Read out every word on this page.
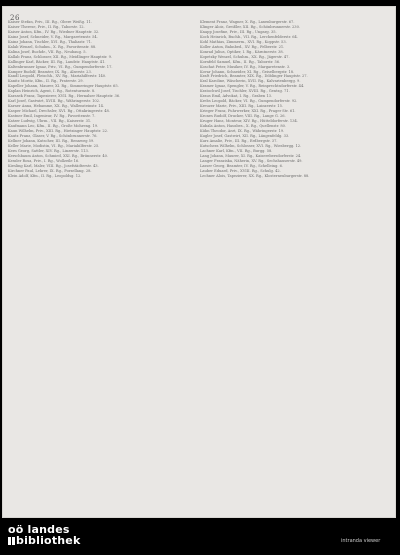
26

Kaiser Stefan, Priv., III. Rg., Obere Weißg. 11.

Kaiser Therese, Priv., II. Rg., Taborstr. 12.

Kaiser Anton, Kfm., IV. Rg., Wiedner Hauptstr. 32.

Kainz Josef, Schneider, V. Rg., Margaretenstr. 54.

Kainz Johann, Tischler, XVI. Rg., Thaliastr. 71.

Kalab Wenzel, Schuhm., X. Rg., Favoritenstr. 88.

Kalina Josef, Buchdr., VII. Rg., Neubaug. 5.

Kallab Franz, Schlosser, XII. Rg., Meidlinger Hauptstr. 9.

Kallinger Karl, Bäcker, III. Rg., Landstr. Hauptstr. 41.

Kaltenbrunner Ignaz, Priv., VI. Rg., Gumpendorferstr. 17.

Kamper Rudolf, Beamter, IX. Rg., Alserstr. 23.

Kandl Leopold, Fleischh., XV. Rg., Mariahilferstr. 140.

Kanitz Moritz, Kfm., II. Rg., Praterstr. 29.

Kapeller Johann, Maurer, XI. Rg., Simmeringer Hauptstr. 65.

Kaplan Heinrich, Agent, I. Rg., Rotenturmstr. 8.

Karasek Franz, Tapezierer, XVII. Rg., Hernalser Hauptstr. 36.

Karl Josef, Gastwirt, XVIII. Rg., Währingerstr. 102.

Karner Anna, Hebamme, XX. Rg., Wallensteinstr. 14.

Kasper Michael, Drechsler, XVI. Rg., Ottakringerstr. 48.

Kastner Emil, Ingenieur, IV. Rg., Favoritenstr. 7.

Katzer Ludwig, Uhrm., VII. Rg., Kaiserstr. 31.

Kaufmann Leo, Kfm., II. Rg., Große Mohreng. 19.

Kaun Wilhelm, Priv., XIII. Rg., Hietzinger Hauptstr. 22.

Kautz Franz, Glaser, V. Rg., Schönbrunnerstr. 76.

Kellner Johann, Kutscher, III. Rg., Rennweg 59.

Keller Marie, Modistin, VI. Rg., Mariahilferstr. 25.

Kern Georg, Sattler, XIV. Rg., Linzerstr. 113.

Kerschbaum Anton, Schmied, XXI. Rg., Brünnerstr. 40.

Kessler Rosa, Priv., I. Rg., Wollzeile 16.

Kiesling Karl, Maler, VIII. Rg., Josefstädterstr. 43.

Kirchner Paul, Lehrer, IX. Rg., Porzellang. 28.

Klein Adolf, Kfm., II. Rg., Leopoldsg. 12.

Klement Franz, Wagner, X. Rg., Laxenburgerstr. 67.

Klinger Alois, Greißler, XII. Rg., Schönbrunnerstr. 230.

Knapp Josefine, Priv., III. Rg., Ungarg. 35.

Koch Heinrich, Buchb., VII. Rg., Lerchenfelderstr. 64.

Kohl Mathias, Zimmerm., XVI. Rg., Koppstr. 53.

Koller Anton, Bahnbed., XV. Rg., Felberstr. 21.

Konrad Julius, Optiker, I. Rg., Kärntnerstr. 38.

Kopetzky Wenzel, Schuhm., XX. Rg., Jägerstr. 47.

Kornfeld Samuel, Kfm., II. Rg., Taborstr. 56.

Koschat Peter, Musiker, IV. Rg., Margaretenstr. 3.

Kovar Johann, Schneider, XI. Rg., Geiselbergstr. 18.

Kraft Friedrich, Beamter, XIX. Rg., Döblinger Hauptstr. 27.

Kral Karoline, Wäscherin, XVII. Rg., Kalvarienbergg. 9.

Kramer Ignaz, Spengler, V. Rg., Reinprechtsdorferstr. 44.

Kratochwil Josef, Tischler, XVIII. Rg., Gentzg. 71.

Kraus Emil, Advokat, I. Rg., Graben 13.

Krebs Leopold, Bäcker, VI. Rg., Gumpendorferstr. 92.

Kreuzer Marie, Priv., XIII. Rg., Lainzerstr. 15.

Krieger Franz, Fuhrwerker, XXI. Rg., Prager Str. 61.

Krones Rudolf, Drucker, VIII. Rg., Lange G. 26.

Kruger Hans, Monteur, XIV. Rg., Hütteldorferstr. 134.

Kubala Anton, Hausbes., X. Rg., Quellenstr. 80.

Kühn Theodor, Arzt, IX. Rg., Währingerstr. 19.

Kugler Josef, Gastwirt, XII. Rg., Längenfeldg. 33.

Kurz Amalie, Priv., III. Rg., Erdbergstr. 37.

Kutschera Wilhelm, Schlosser, XVI. Rg., Wiesbergg. 12.

Lachner Karl, Kfm., VII. Rg., Burgg. 58.

Lang Johann, Maurer, XI. Rg., Kaiserebersdorferstr. 24.

Langer Franziska, Näherin, XV. Rg., Sechshauserstr. 49.

Lasser Georg, Beamter, IV. Rg., Schelleing. 6.

Lauber Eduard, Priv., XVIII. Rg., Schulg. 42.

Lechner Alois, Tapezierer, XX. Rg., Klosterneuburgerstr. 88.

oö landes
bibliothek	intranda viewer
